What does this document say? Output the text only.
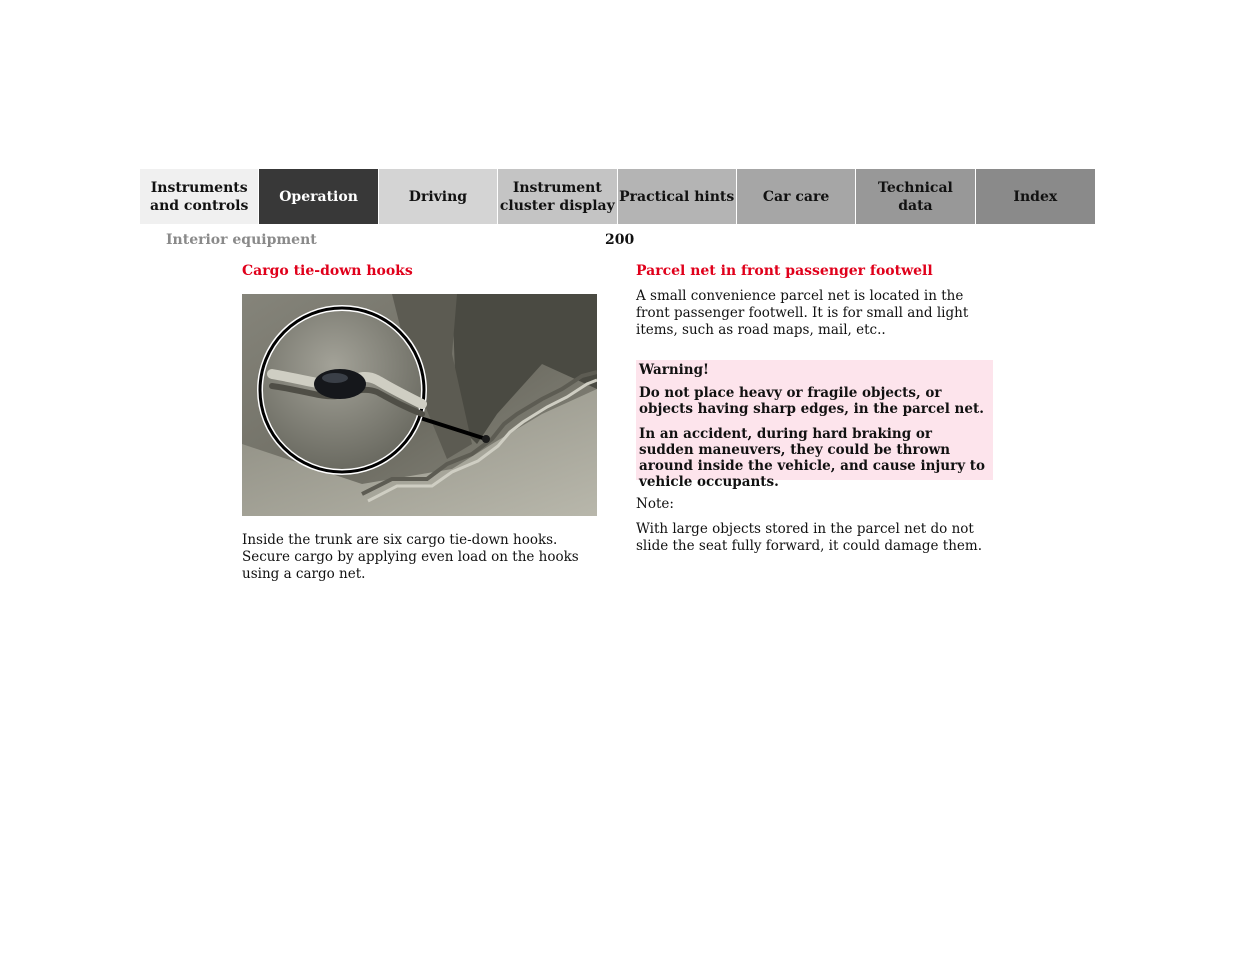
Instruments
and controls
Operation	Driving
Instrument
cluster display
Practical hints Car care
Technical
data
Index
Interior equipment	200
Cargo tie-down hooks
Inside the trunk are six cargo tie-down hooks. Secure cargo by applying even load on the hooks using a cargo net.
Parcel net in front passenger footwell
A small convenience parcel net is located in the front passenger footwell. It is for small and light items, such as road maps, mail, etc..
Warning!
Do not place heavy or fragile objects, or objects having sharp edges, in the parcel net.
In an accident, during hard braking or sudden maneuvers, they could be thrown around inside the vehicle, and cause injury to vehicle occupants.
Note:
With large objects stored in the parcel net do not slide the seat fully forward, it could damage them.
